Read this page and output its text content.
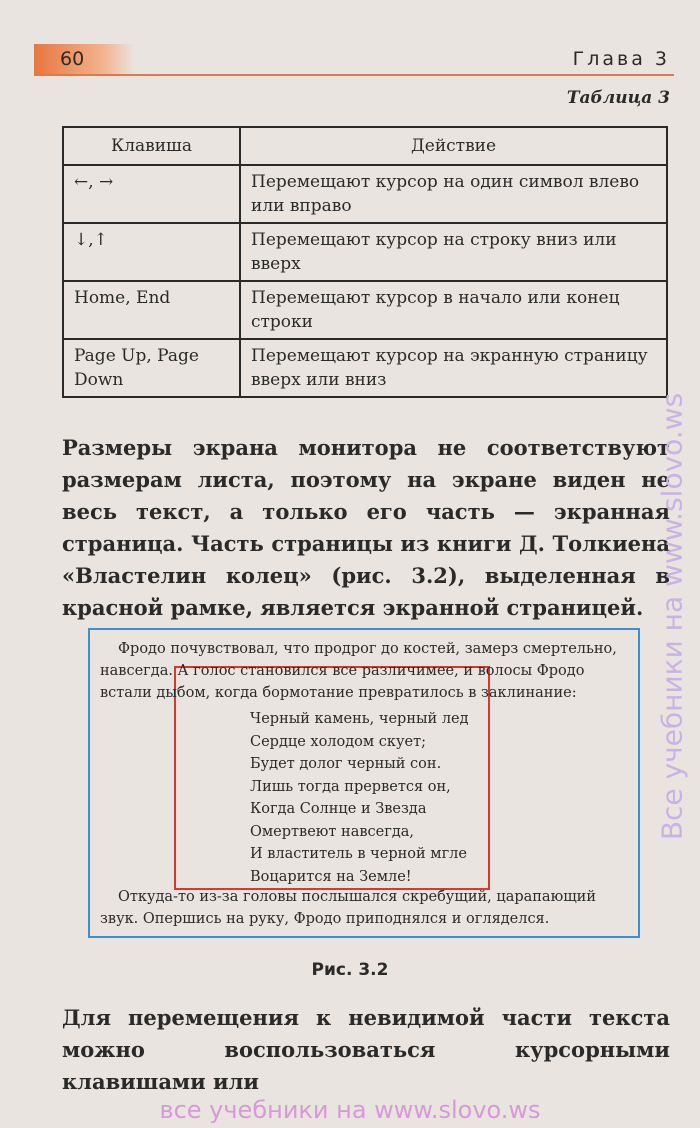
60	Глава 3
Таблица 3
Клавиша	Действие
←, →	Перемещают курсор на один символ влево или вправо
↓,↑	Перемещают курсор на строку вниз или вверх
Home, End	Перемещают курсор в начало или конец строки
Page Up, Page Down	Перемещают курсор на экранную страницу вверх или вниз
Размеры экрана монитора не соответствуют размерам листа, поэтому на экране виден не весь текст, а только его часть — экранная страница. Часть страницы из книги Д. Толкиена «Властелин колец» (рис. 3.2), выделенная в красной рамке, является экранной страницей.
Фродо почувствовал, что продрог до костей, замерз смертельно,
навсегда. А голос становился все различимее, и волосы Фродо
встали дыбом, когда бормотание превратилось в заклинание:
Черный камень, черный лед
Сердце холодом скует;
Будет долог черный сон.
Лишь тогда прервется он,
Когда Солнце и Звезда
Омертвеют навсегда,
И властитель в черной мгле
Воцарится на Земле!
Откуда-то из-за головы послышался скребущий, царапающий
звук. Опершись на руку, Фродо приподнялся и огляделся.
Рис. 3.2
Для перемещения к невидимой части текста можно воспользоваться курсорными клавишами или
все учебники на www.slovo.ws
Все учебники на www.slovo.ws
